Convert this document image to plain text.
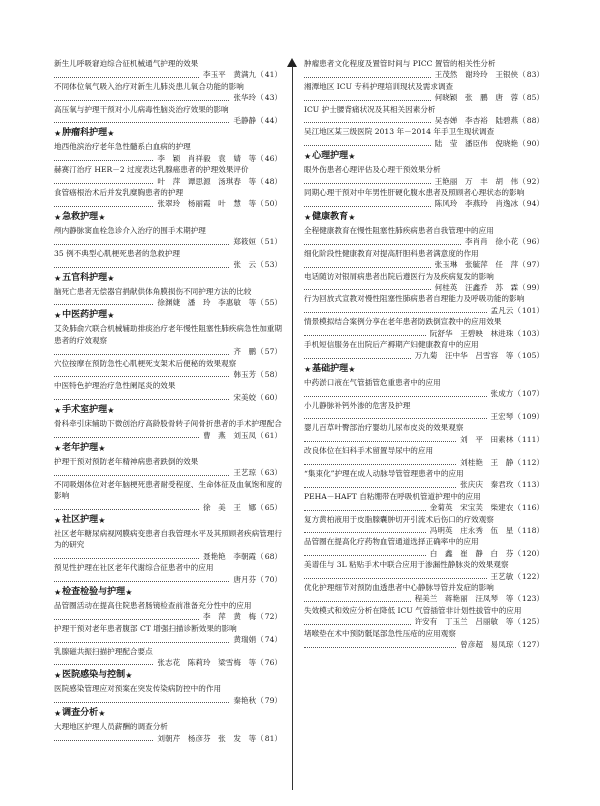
新生儿呼吸窘迫综合征机械通气护理的效果
李玉平　黄满九 （ 41 ）
不同体位氧气吸入治疗对新生儿肺炎患儿氧合功能的影响
张华玲 （ 43 ）
高压氧与护理干预对小儿病毒性脑炎治疗效果的影响
毛静静 （ 44 ）
★ 肿瘤科护理 ★
地西他滨治疗老年急性髓系白血病的护理
李　颖　肖祥毅　袁　婧　等 （ 46 ）
赫赛汀治疗 HER－2 过度表达乳腺癌患者的护理效果评价
叶　萍　谭思源　汤琪春　等 （ 48 ）
食管癌根治术后并发乳糜胸患者的护理
张翠玲　杨丽霞　叶　慧　等 （ 50 ）
★ 急救护理 ★
颅内静脉窦血栓急诊介入治疗的围手术期护理
郑筱姮 （ 51 ）
35 例不典型心肌梗死患者的急救护理
张　云 （ 53 ）
★ 五官科护理 ★
脑死亡患者无偿器官捐献供体角膜损伤不同护理方法的比较
徐渊婕　潘　玲　李惠敏　等 （ 55 ）
★ 中医药护理 ★
艾灸肺俞穴联合机械辅助排痰治疗老年慢性阻塞性肺疾病急性加重期患者的疗效观察
齐　鹏 （ 57 ）
穴位按摩在预防急性心肌梗死支架术后便秘的效果观察
韩玉芳 （ 58 ）
中医特色护理治疗急性阑尾炎的效果
宋美姣 （ 60 ）
★ 手术室护理 ★
骨科牵引床辅助下微创治疗高龄股骨转子间骨折患者的手术护理配合
曹　燕　刘玉凤 （ 61 ）
★ 老年护理 ★
护理干预对预防老年精神病患者跌倒的效果
王艺琼 （ 63 ）
不同吸烟体位对老年脑梗死患者耐受程度、生命体征及血氧饱和度的影响
徐　美　王　娜 （ 65 ）
★ 社区护理 ★
社区老年糖尿病视网膜病变患者自我管理水平及其照顾者疾病管理行为的研究
聂艳艳　李朝霞 （ 68 ）
预见性护理在社区老年代谢综合征患者中的应用
唐月芬 （ 70 ）
★ 检查检验与护理 ★
品管圈活动在提高住院患者肠镜检查前准备充分性中的应用
李　萍　黄　梅 （ 72 ）
护理干预对老年患者腹部 CT 增强扫描诊断效果的影响
黄瑞娟 （ 74 ）
乳腺磁共振扫描护理配合要点
张志花　陈莉玲　梁雪梅　等 （ 76 ）
★ 医院感染与控制 ★
医院感染管理应对预案在突发传染病防控中的作用
秦艳秋 （ 79 ）
★ 调查分析 ★
大理地区护理人员薪酬的调查分析
刘朝芹　杨彦芬　张　发　等 （ 81 ）
肿瘤患者文化程度及置管时间与 PICC 置管的相关性分析
王茂然　谢玲玲　王银侠 （ 83 ）
湘潭地区 ICU 专科护理培训现状及需求调查
何晓颖　张　鹏　唐　蓉 （ 85 ）
ICU 护士腰背痛状况及其相关因素分析
吴杏婵　李杏裕　陆碧燕 （ 88 ）
吴江地区某三级医院 2013 年－2014 年手卫生现状调查
陆　莹　潘臣伟　倪晓艳 （ 90 ）
★ 心理护理 ★
眼外伤患者心理评估及心理干预效果分析
王艳丽　万　丰　胡　伟 （ 92 ）
同期心理干预对中年男性肝硬化腹水患者及照顾者心理状态的影响
陈风玲　李燕玲　肖逸冰 （ 94 ）
★ 健康教育 ★
全程健康教育在慢性阻塞性肺疾病患者自我管理中的应用
李肖肖　徐小花 （ 96 ）
细化阶段性健康教育对提高肝胆科患者满意度的作用
张玉琳　张毓萍　任　萍 （ 97 ）
电话随访对银屑病患者出院后遵医行为及疾病复发的影响
何桂英　汪鑫乔　苏　霖 （ 99 ）
行为回放式宣教对慢性阻塞性肺病患者自理能力及呼吸功能的影响
孟凡云 （ 101 ）
情景模拟结合案例分享在老年患者防跌倒宣教中的应用效果
阮舒华　王碧映　林进珠 （ 103 ）
手机短信服务在出院后产褥期产妇健康教育中的应用
万九菊　汪中华　吕雪容　等 （ 105 ）
★ 基础护理 ★
中药淤口液在气管插管危重患者中的应用
张成方 （ 107 ）
小儿静脉补钙外渗的危害及护理
王宏琴 （ 109 ）
婴儿百草叶臀部治疗婴幼儿尿布皮炎的效果观察
刘　平　田素林 （ 111 ）
改良体位在妇科手术留置导尿中的应用
刘桂艳　王　静 （ 112 ）
“集束化”护理在成人动脉导管管理患者中的应用
张庆庆　秦君玫 （ 113 ）
PEHA－HAFT 自粘绷带在呼吸机管道护理中的应用
金菊英　宋宝芙　柴建农 （ 116 ）
复方黄柏液用于皮脂腺囊肿切开引流术后伤口的疗效观察
冯明英　庄永秀　伍　星 （ 118 ）
品管圈在提高化疗药物血管通道选择正确率中的应用
白　鑫　崔　静　白　芬 （ 120 ）
美谱佳与 3L 粘贴手术中联合应用于渗漏性静脉炎的效果观察
王艺敏 （ 122 ）
优化护理细节对预防血透患者中心静脉导管并发症的影响
程美兰　蒋艳丽　汪凤琴　等 （ 123 ）
失效模式和效应分析在降低 ICU 气管插管非计划性拔管中的应用
许安有　丁玉兰　吕丽敏　等 （ 125 ）
堵喉垫在术中预防骶尾部急性压疮的应用观察
曾彦超　易凤琼 （ 127 ）
